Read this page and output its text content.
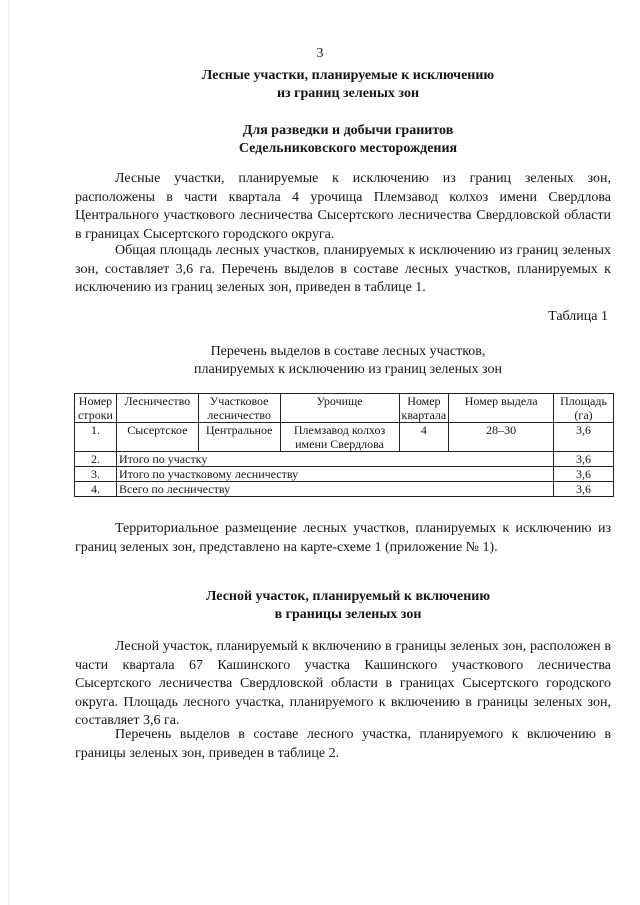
3
Лесные участки, планируемые к исключению
из границ зеленых зон
Для разведки и добычи гранитов
Седельниковского месторождения
Лесные участки, планируемые к исключению из границ зеленых зон, расположены в части квартала 4 урочища Племзавод колхоз имени Свердлова Центрального участкового лесничества Сысертского лесничества Свердловской области в границах Сысертского городского округа.
Общая площадь лесных участков, планируемых к исключению из границ зеленых зон, составляет 3,6 га. Перечень выделов в составе лесных участков, планируемых к исключению из границ зеленых зон, приведен в таблице 1.
Таблица 1
Перечень выделов в составе лесных участков,
планируемых к исключению из границ зеленых зон
Номер строки	Лесничество	Участковое лесничество	Урочище	Номер квартала	Номер выдела	Площадь (га)
1.	Сысертское	Центральное	Племзавод колхоз имени Свердлова	4	28–30	3,6
2.	Итого по участку					3,6
3.	Итого по участковому лесничеству					3,6
4.	Всего по лесничеству					3,6
Территориальное размещение лесных участков, планируемых к исключению из границ зеленых зон, представлено на карте-схеме 1 (приложение № 1).
Лесной участок, планируемый к включению
в границы зеленых зон
Лесной участок, планируемый к включению в границы зеленых зон, расположен в части квартала 67 Кашинского участка Кашинского участкового лесничества Сысертского лесничества Свердловской области в границах Сысертского городского округа. Площадь лесного участка, планируемого к включению в границы зеленых зон, составляет 3,6 га.
Перечень выделов в составе лесного участка, планируемого к включению в границы зеленых зон, приведен в таблице 2.
